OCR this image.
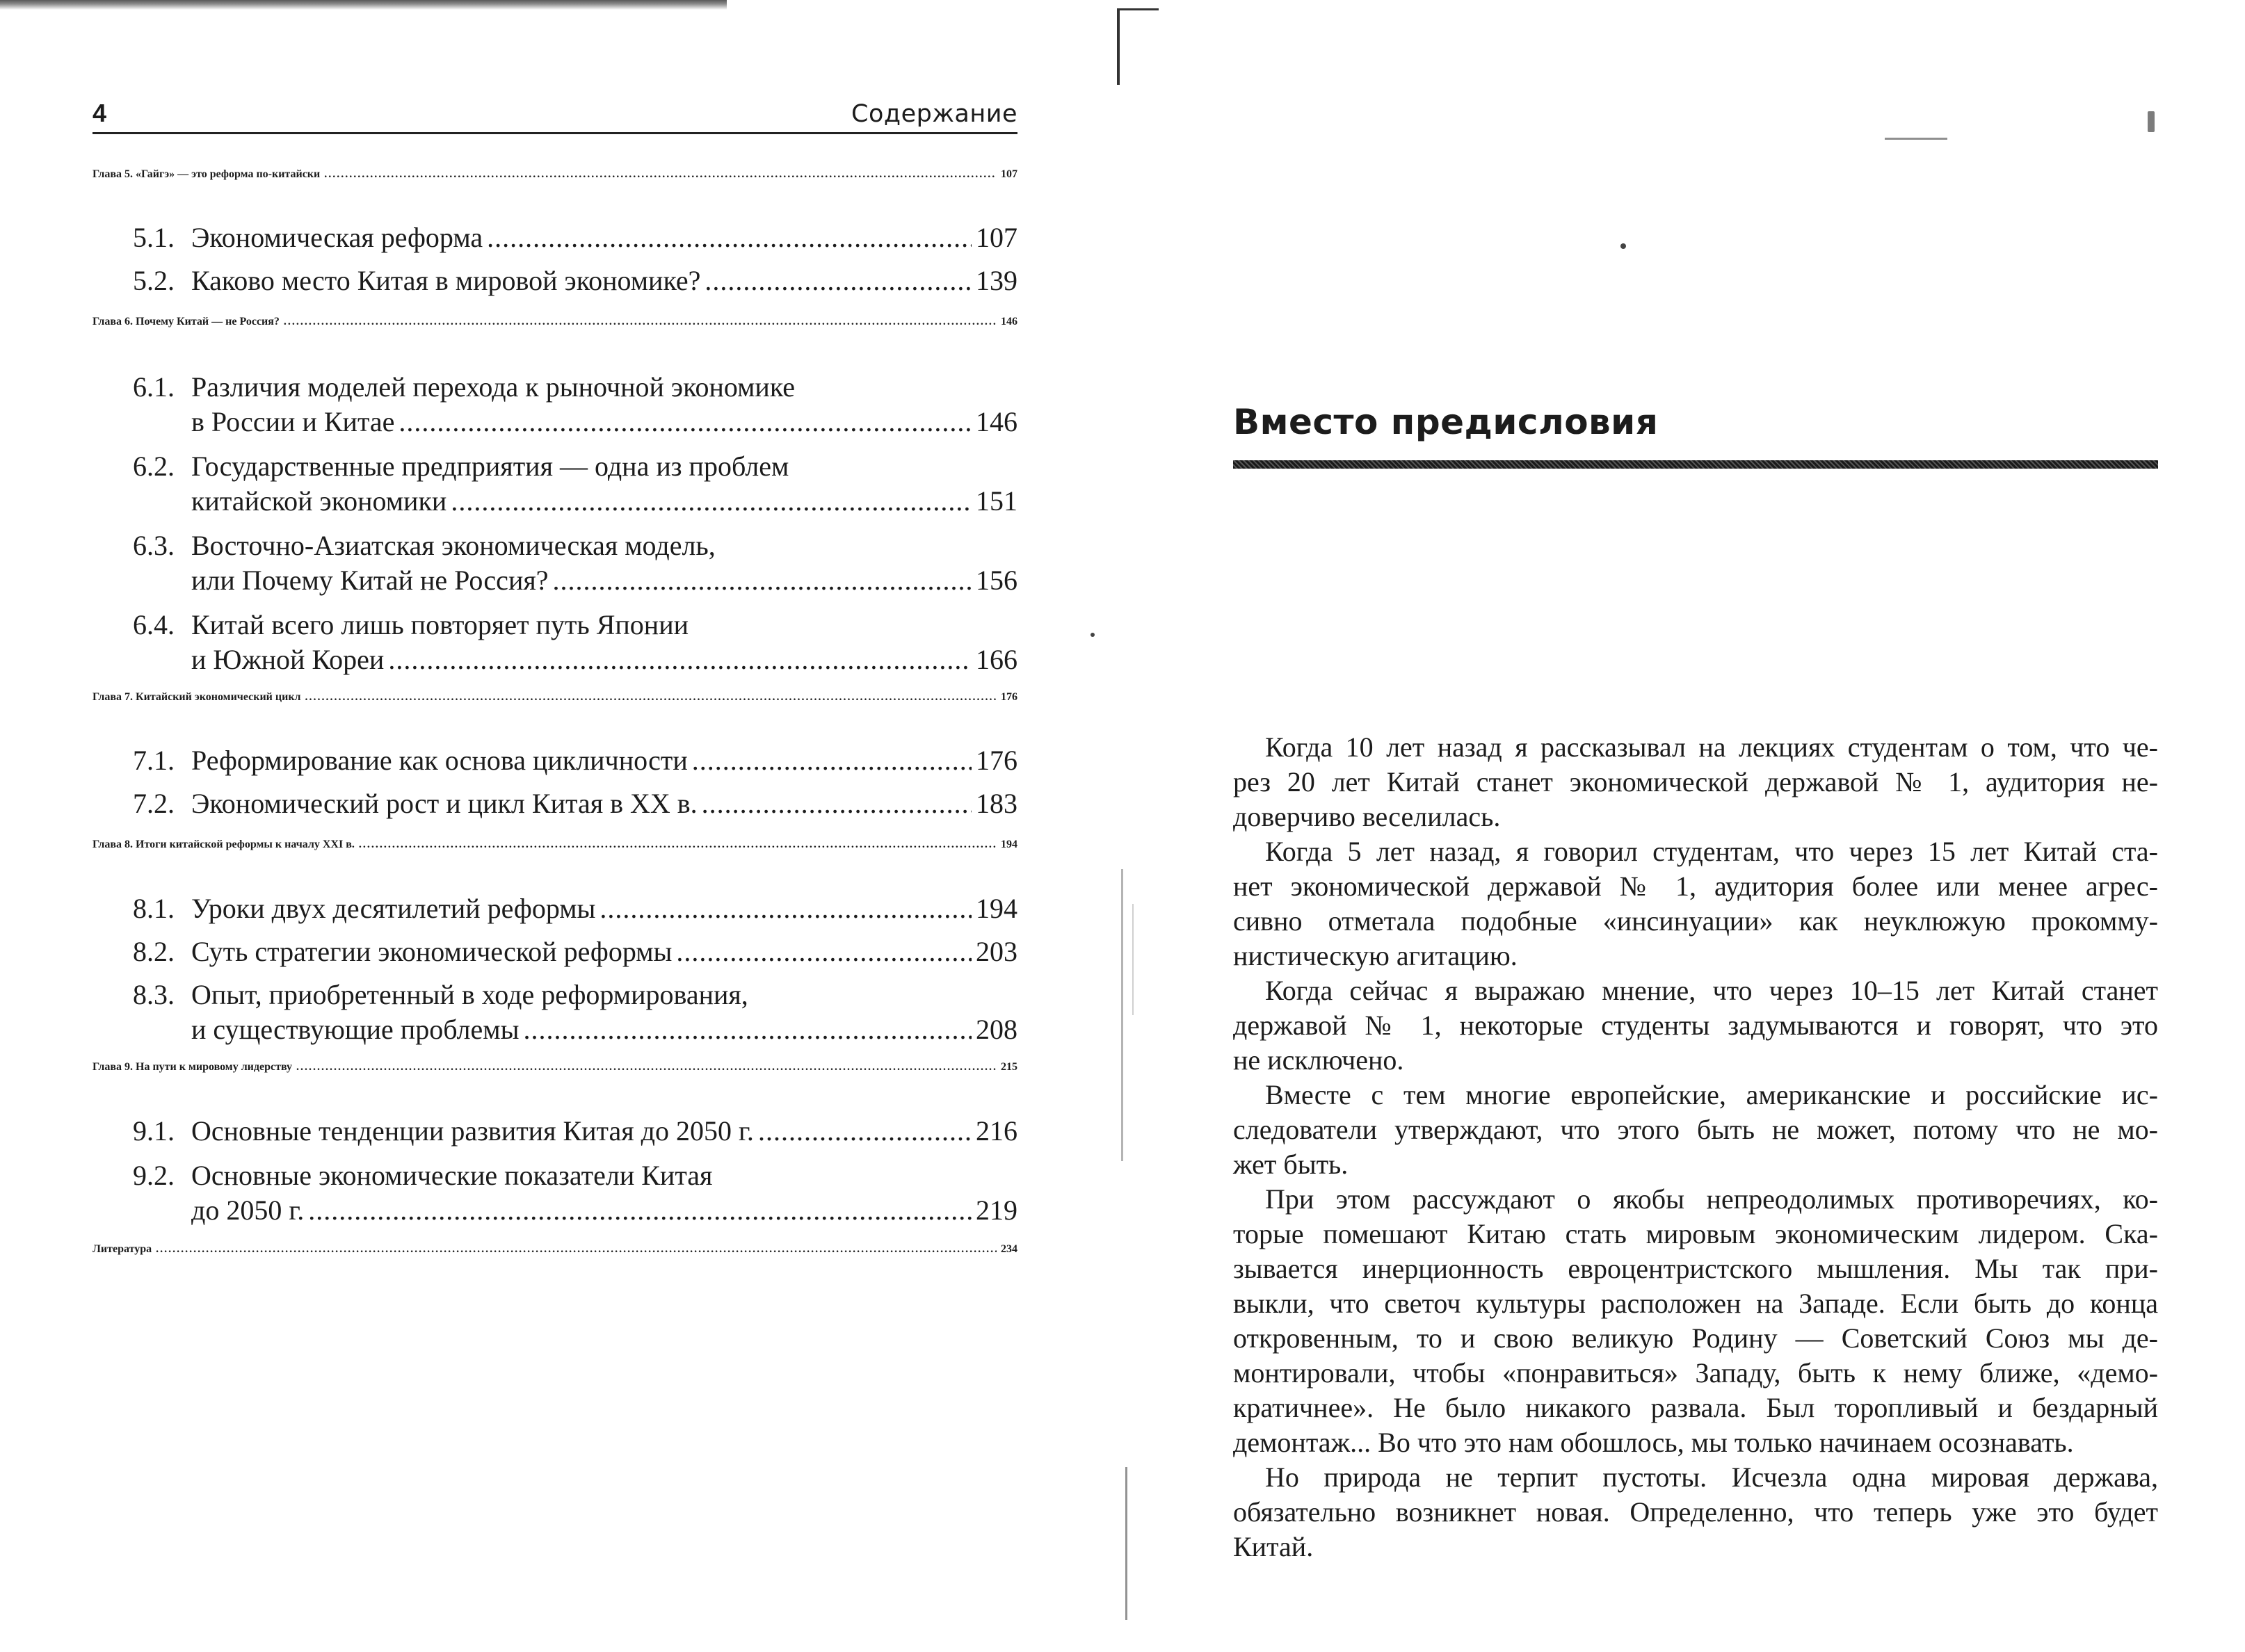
4	Содержание
Глава 5. «Гайгэ» — это реформа по-китайски .....	107
5.1. Экономическая реформа .....	107
5.2. Каково место Китая в мировой экономике? .....	139
Глава 6. Почему Китай — не Россия? .....	146
6.1. Различия моделей перехода к рыночной экономике
в России и Китае .....	146
6.2. Государственные предприятия — одна из проблем
китайской экономики .....	151
6.3. Восточно-Азиатская экономическая модель,
или Почему Китай не Россия? .....	156
6.4. Китай всего лишь повторяет путь Японии
и Южной Кореи .....	166
Глава 7. Китайский экономический цикл .....	176
7.1. Реформирование как основа цикличности .....	176
7.2. Экономический рост и цикл Китая в XX в. .....	183
Глава 8. Итоги китайской реформы к началу XXI в. .....	194
8.1. Уроки двух десятилетий реформы .....	194
8.2. Суть стратегии экономической реформы .....	203
8.3. Опыт, приобретенный в ходе реформирования,
и существующие проблемы .....	208
Глава 9. На пути к мировому лидерству .....	215
9.1. Основные тенденции развития Китая до 2050 г. .....	216
9.2. Основные экономические показатели Китая
до 2050 г. .....	219
Литература .....	234
Вместо предисловия
Когда 10 лет назад я рассказывал на лекциях студентам о том, что че-
рез 20 лет Китай станет экономической державой № 1, аудитория не-
доверчиво веселилась.
Когда 5 лет назад, я говорил студентам, что через 15 лет Китай ста-
нет экономической державой № 1, аудитория более или менее агрес-
сивно отметала подобные «инсинуации» как неуклюжую прокомму-
нистическую агитацию.
Когда сейчас я выражаю мнение, что через 10–15 лет Китай станет
державой № 1, некоторые студенты задумываются и говорят, что это
не исключено.
Вместе с тем многие европейские, американские и российские ис-
следователи утверждают, что этого быть не может, потому что не мо-
жет быть.
При этом рассуждают о якобы непреодолимых противоречиях, ко-
торые помешают Китаю стать мировым экономическим лидером. Ска-
зывается инерционность евроцентристского мышления. Мы так при-
выкли, что светоч культуры расположен на Западе. Если быть до конца
откровенным, то и свою великую Родину — Советский Союз мы де-
монтировали, чтобы «понравиться» Западу, быть к нему ближе, «демо-
кратичнее». Не было никакого развала. Был торопливый и бездарный
демонтаж... Во что это нам обошлось, мы только начинаем осознавать.
Но природа не терпит пустоты. Исчезла одна мировая держава,
обязательно возникнет новая. Определенно, что теперь уже это будет
Китай.
